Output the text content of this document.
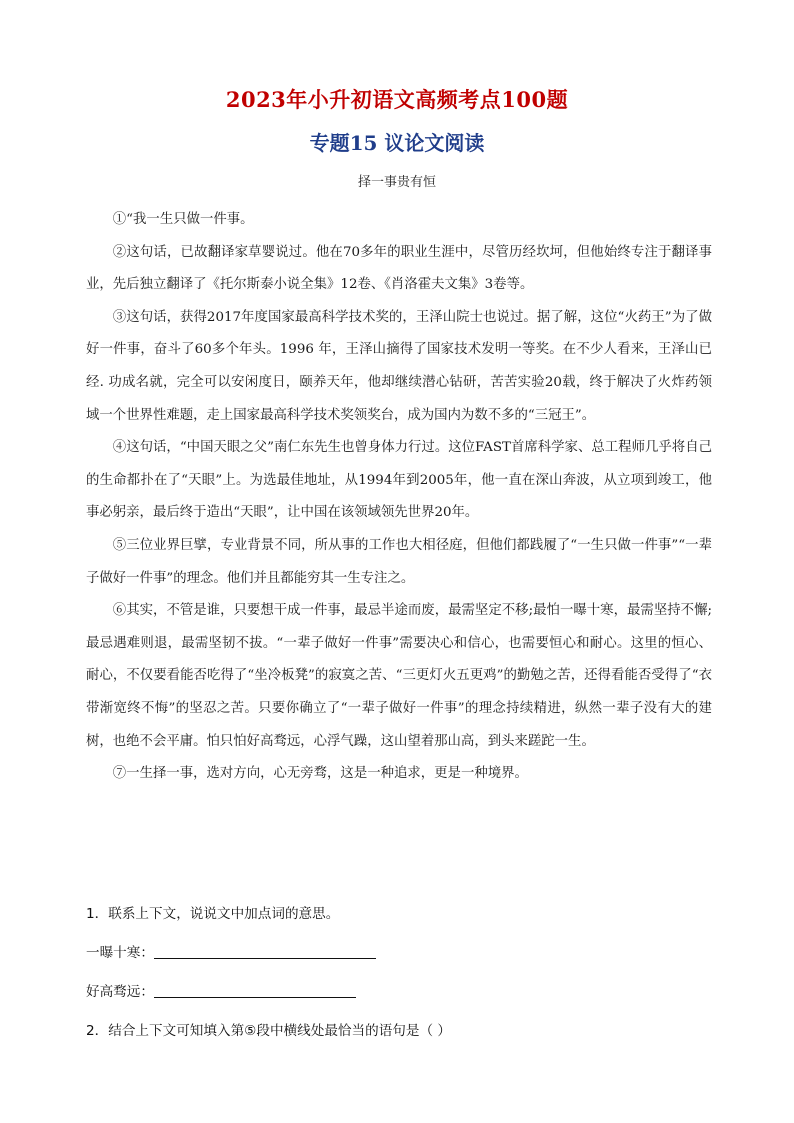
2023年小升初语文高频考点100题
专题15 议论文阅读
择一事贵有恒

①“我一生只做一件事。

②这句话，已故翻译家草婴说过。他在70多年的职业生涯中，尽管历经坎坷，但他始终专注于翻译事业，先后独立翻译了《托尔斯泰小说全集》12卷、《肖洛霍夫文集》3卷等。

③这句话，获得2017年度国家最高科学技术奖的，王泽山院士也说过。据了解，这位“火药王”为了做好一件事，奋斗了60多个年头。1996 年，王泽山摘得了国家技术发明一等奖。在不少人看来，王泽山已经. 功成名就，完全可以安闲度日，颐养天年，他却继续潜心钻研，苦苦实验20载，终于解决了火炸药领域一个世界性难题，走上国家最高科学技术奖领奖台，成为国内为数不多的“三冠王”。

④这句话，“中国天眼之父”南仁东先生也曾身体力行过。这位FAST首席科学家、总工程师几乎将自己的生命都扑在了“天眼”上。为选最佳地址，从1994年到2005年，他一直在深山奔波，从立项到竣工，他事必躬亲，最后终于造出“天眼”，让中国在该领域领先世界20年。

⑤三位业界巨擘，专业背景不同，所从事的工作也大相径庭，但他们都践履了“一生只做一件事”“一辈子做好一件事”的理念。他们并且都能穷其一生专注之。

⑥其实，不管是谁，只要想干成一件事，最忌半途而废，最需坚定不移;最怕一曝十寒，最需坚持不懈;最忌遇难则退，最需坚韧不拔。“一辈子做好一件事”需要决心和信心，也需要恒心和耐心。这里的恒心、耐心，不仅要看能否吃得了“坐冷板凳”的寂寞之苦、“三更灯火五更鸡”的勤勉之苦，还得看能否受得了“衣带渐宽终不悔”的坚忍之苦。只要你确立了“一辈子做好一件事”的理念持续精进，纵然一辈子没有大的建树，也绝不会平庸。怕只怕好高骛远，心浮气躁，这山望着那山高，到头来蹉跎一生。

⑦一生择一事，选对方向，心无旁骛，这是一种追求，更是一种境界。

1．联系上下文，说说文中加点词的意思。
一曝十寒：
好高骛远：
2．结合上下文可知填入第⑤段中横线处最恰当的语句是（ ）
